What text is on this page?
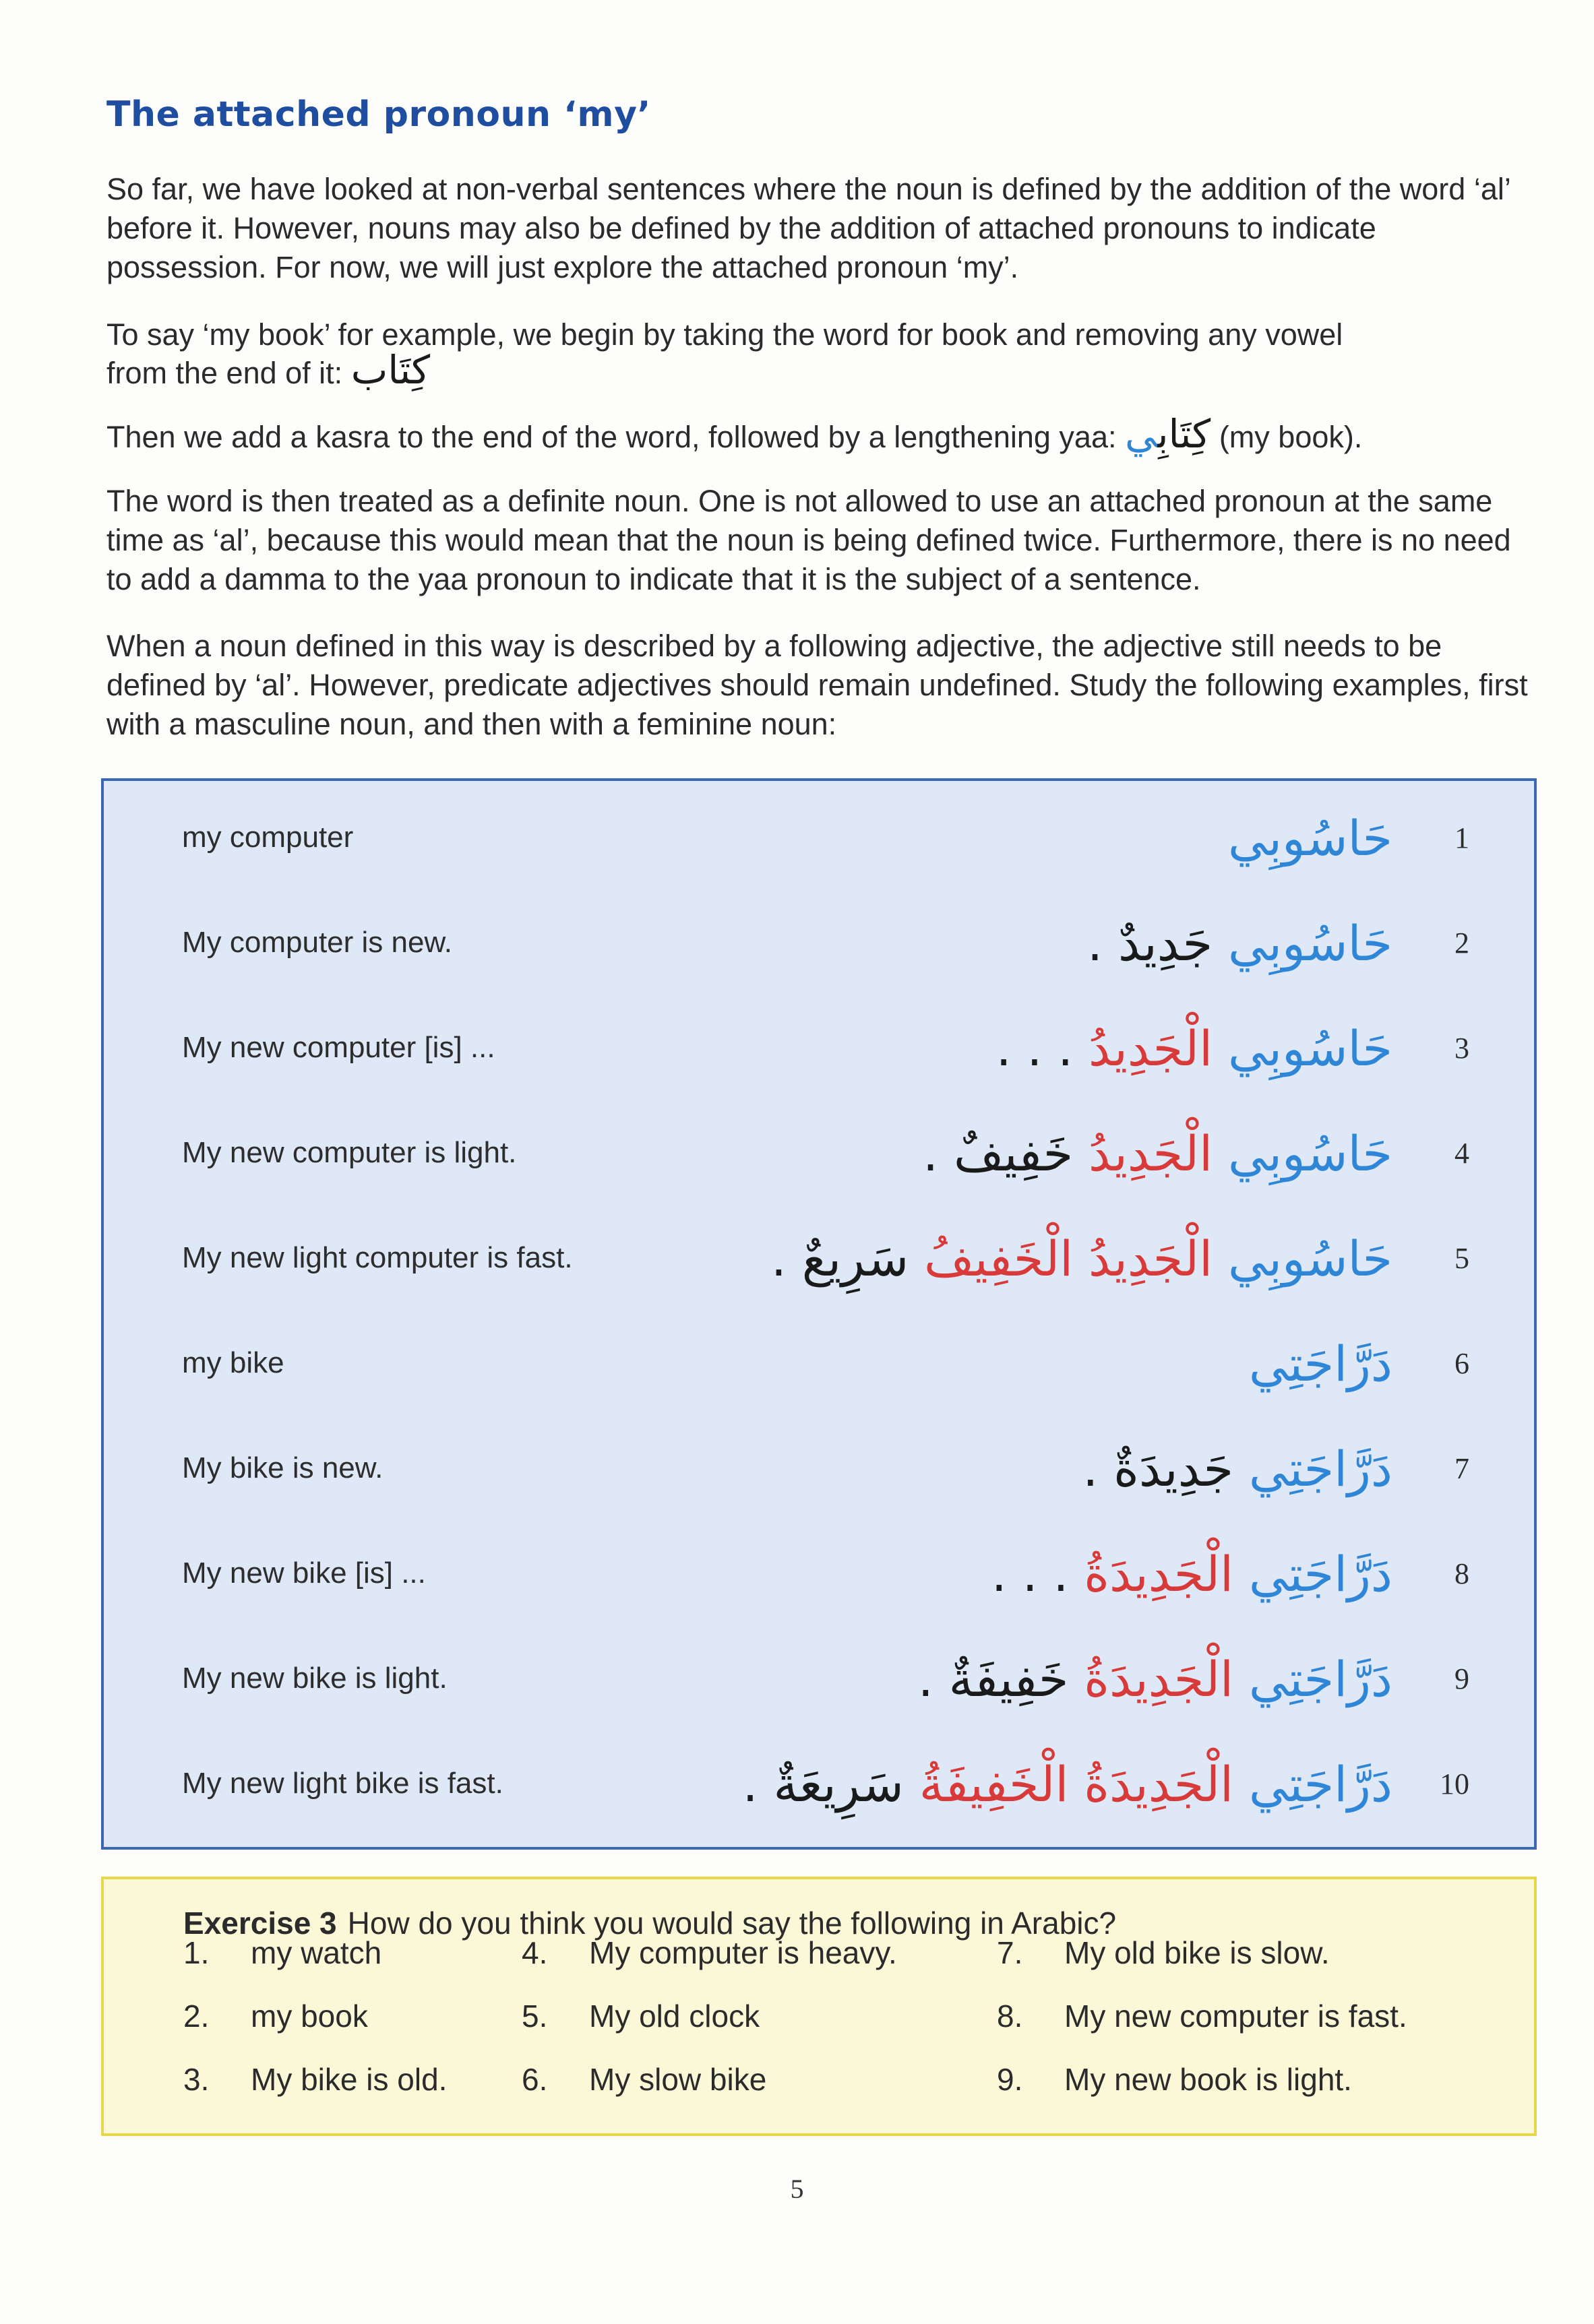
The attached pronoun ‘my’
So far, we have looked at non-verbal sentences where the noun is defined by the addition of the word ‘al’ before it. However, nouns may also be defined by the addition of attached pronouns to indicate possession. For now, we will just explore the attached pronoun ‘my’.
To say ‘my book’ for example, we begin by taking the word for book and removing any vowel
from the end of it: كِتَاب
Then we add a kasra to the end of the word, followed by a lengthening yaa: كِتَابِي (my book).
The word is then treated as a definite noun. One is not allowed to use an attached pronoun at the same time as ‘al’, because this would mean that the noun is being defined twice. Furthermore, there is no need to add a damma to the yaa pronoun to indicate that it is the subject of a sentence.
When a noun defined in this way is described by a following adjective, the adjective still needs to be defined by ‘al’. However, predicate adjectives should remain undefined. Study the following examples, first with a masculine noun, and then with a feminine noun:
my computer	حَاسُوبِي 1
My computer is new.	حَاسُوبِي جَدِيدٌ .	2
My new computer [is] ...	حَاسُوبِي الْجَدِيدُ . . .	3
My new computer is light.	حَاسُوبِي الْجَدِيدُ خَفِيفٌ .	4
My new light computer is fast.	حَاسُوبِي الْجَدِيدُ الْخَفِيفُ سَرِيعٌ .	5
my bike	دَرَّاجَتِي 6
My bike is new.	دَرَّاجَتِي جَدِيدَةٌ .	7
My new bike [is] ...	دَرَّاجَتِي الْجَدِيدَةُ . . .	8
My new bike is light.	دَرَّاجَتِي الْجَدِيدَةُ خَفِيفَةٌ .	9
My new light bike is fast.	دَرَّاجَتِي الْجَدِيدَةُ الْخَفِيفَةُ سَرِيعَةٌ .	10
Exercise 3 How do you think you would say the following in Arabic?
1. my watch
2. my book
3. My bike is old.
4. My computer is heavy.
5. My old clock
6. My slow bike
7. My old bike is slow.
8. My new computer is fast.
9. My new book is light.
5
